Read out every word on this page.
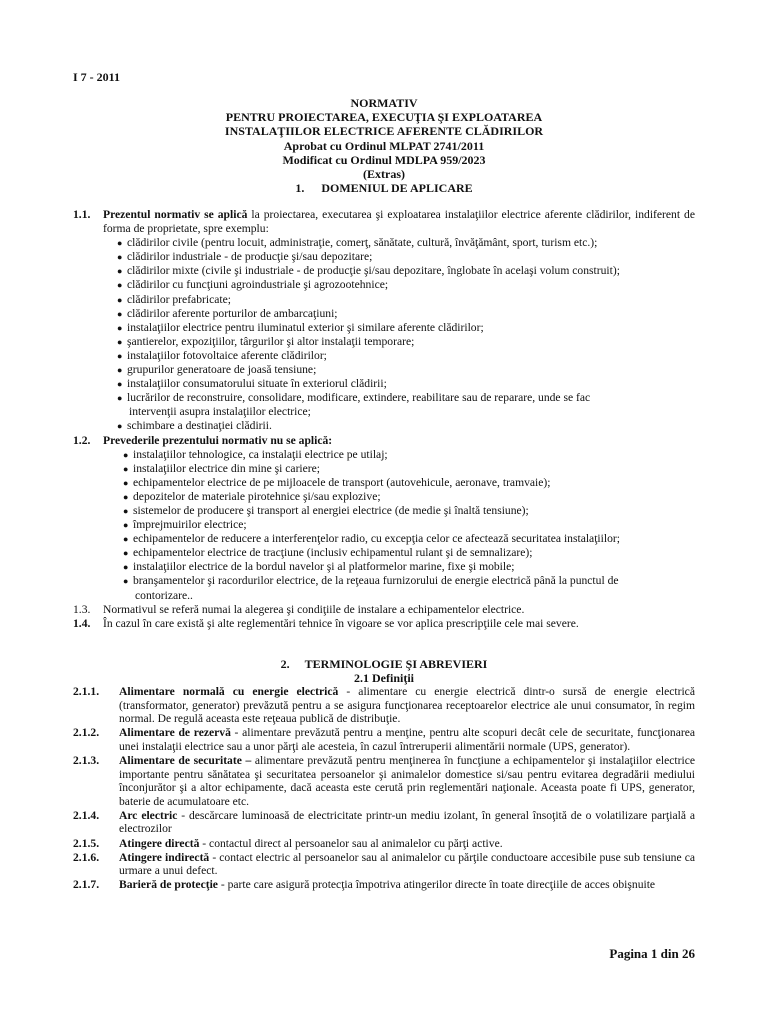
I 7 - 2011
NORMATIV
PENTRU PROIECTAREA, EXECUŢIA ŞI EXPLOATAREA
INSTALAŢIILOR ELECTRICE AFERENTE CLĂDIRILOR
Aprobat cu Ordinul MLPAT 2741/2011
Modificat cu Ordinul MDLPA 959/2023
(Extras)
1. DOMENIUL DE APLICARE
1.1. Prezentul normativ se aplică la proiectarea, executarea şi exploatarea instalaţiilor electrice aferente clădirilor, indiferent de forma de proprietate, spre exemplu:
● clădirilor civile (pentru locuit, administraţie, comerţ, sănătate, cultură, învăţământ, sport, turism etc.);
● clădirilor industriale - de producţie şi/sau depozitare;
● clădirilor mixte (civile şi industriale - de producţie şi/sau depozitare, înglobate în acelaşi volum construit);
● clădirilor cu funcţiuni agroindustriale şi agrozootehnice;
● clădirilor prefabricate;
● clădirilor aferente porturilor de ambarcaţiuni;
● instalaţiilor electrice pentru iluminatul exterior şi similare aferente clădirilor;
● şantierelor, expoziţiilor, târgurilor şi altor instalaţii temporare;
● instalaţiilor fotovoltaice aferente clădirilor;
● grupurilor generatoare de joasă tensiune;
● instalaţiilor consumatorului situate în exteriorul clădirii;
● lucrărilor de reconstruire, consolidare, modificare, extindere, reabilitare sau de reparare, unde se fac
intervenţii asupra instalaţiilor electrice;
● schimbare a destinaţiei clădirii.
1.2. Prevederile prezentului normativ nu se aplică:
● instalaţiilor tehnologice, ca instalaţii electrice pe utilaj;
● instalaţiilor electrice din mine şi cariere;
● echipamentelor electrice de pe mijloacele de transport (autovehicule, aeronave, tramvaie);
● depozitelor de materiale pirotehnice şi/sau explozive;
● sistemelor de producere şi transport al energiei electrice (de medie şi înaltă tensiune);
● împrejmuirilor electrice;
● echipamentelor de reducere a interferenţelor radio, cu excepţia celor ce afectează securitatea instalaţiilor;
● echipamentelor electrice de tracţiune (inclusiv echipamentul rulant şi de semnalizare);
● instalaţiilor electrice de la bordul navelor şi al platformelor marine, fixe şi mobile;
● branşamentelor şi racordurilor electrice, de la reţeaua furnizorului de energie electrică până la punctul de
contorizare..
1.3. Normativul se referă numai la alegerea şi condiţiile de instalare a echipamentelor electrice.
1.4. În cazul în care există şi alte reglementări tehnice în vigoare se vor aplica prescripţiile cele mai severe.
2. TERMINOLOGIE ŞI ABREVIERI
2.1 Definiţii
2.1.1. Alimentare normală cu energie electrică - alimentare cu energie electrică dintr-o sursă de energie electrică (transformator, generator) prevăzută pentru a se asigura funcţionarea receptoarelor electrice ale unui consumator, în regim normal. De regulă aceasta este reţeaua publică de distribuţie.
2.1.2. Alimentare de rezervă - alimentare prevăzută pentru a menţine, pentru alte scopuri decât cele de securitate, funcţionarea unei instalaţii electrice sau a unor părţi ale acesteia, în cazul întreruperii alimentării normale (UPS, generator).
2.1.3. Alimentare de securitate – alimentare prevăzută pentru menţinerea în funcţiune a echipamentelor şi instalaţiilor electrice importante pentru sănătatea şi securitatea persoanelor şi animalelor domestice si/sau pentru evitarea degradării mediului înconjurător şi a altor echipamente, dacă aceasta este cerută prin reglementări naţionale. Aceasta poate fi UPS, generator, baterie de acumulatoare etc.
2.1.4. Arc electric - descărcare luminoasă de electricitate printr-un mediu izolant, în general însoţită de o volatilizare parţială a electrozilor
2.1.5. Atingere directă - contactul direct al persoanelor sau al animalelor cu părţi active.
2.1.6. Atingere indirectă - contact electric al persoanelor sau al animalelor cu părţile conductoare accesibile puse sub tensiune ca urmare a unui defect.
2.1.7. Barieră de protecţie - parte care asigură protecţia împotriva atingerilor directe în toate direcţiile de acces obişnuite
Pagina 1 din 26
